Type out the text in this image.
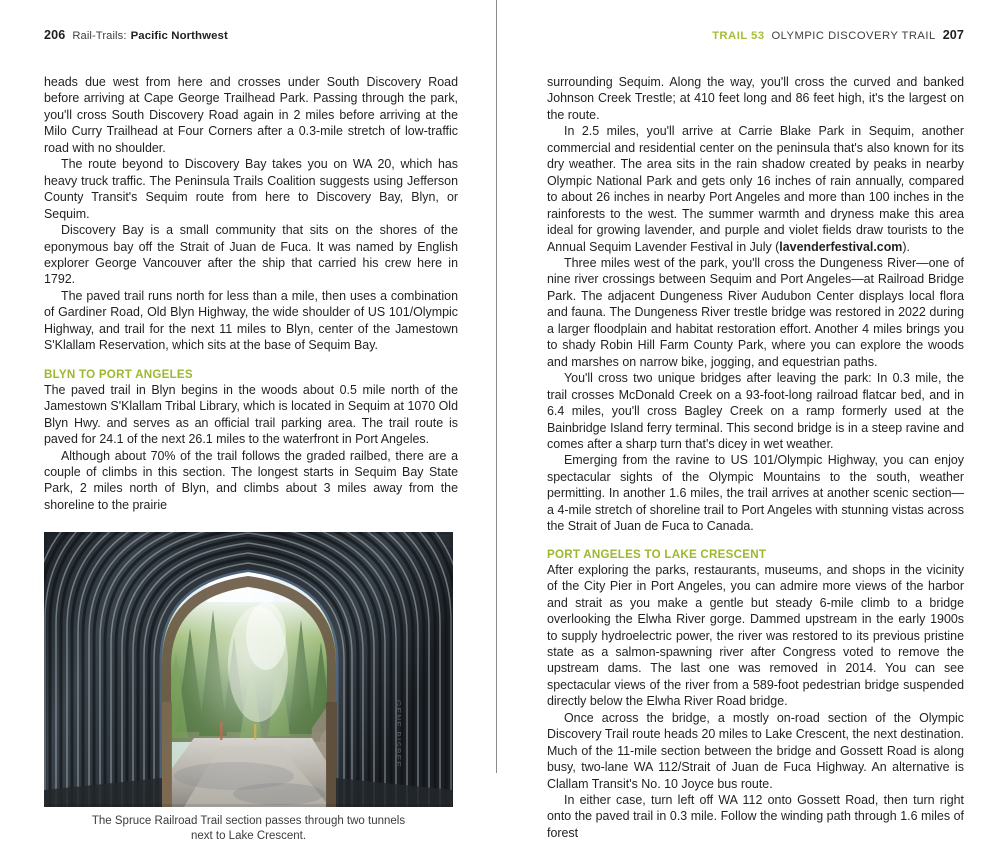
206 Rail-Trails: Pacific Northwest

heads due west from here and crosses under South Discovery Road before arriving at Cape George Trailhead Park. Passing through the park, you'll cross South Discovery Road again in 2 miles before arriving at the Milo Curry Trailhead at Four Corners after a 0.3-mile stretch of low-traffic road with no shoulder.

The route beyond to Discovery Bay takes you on WA 20, which has heavy truck traffic. The Peninsula Trails Coalition suggests using Jefferson County Transit's Sequim route from here to Discovery Bay, Blyn, or Sequim.

Discovery Bay is a small community that sits on the shores of the eponymous bay off the Strait of Juan de Fuca. It was named by English explorer George Vancouver after the ship that carried his crew here in 1792.

The paved trail runs north for less than a mile, then uses a combination of Gardiner Road, Old Blyn Highway, the wide shoulder of US 101/Olympic Highway, and trail for the next 11 miles to Blyn, center of the Jamestown S'Klallam Reservation, which sits at the base of Sequim Bay.

BLYN TO PORT ANGELES

The paved trail in Blyn begins in the woods about 0.5 mile north of the Jamestown S'Klallam Tribal Library, which is located in Sequim at 1070 Old Blyn Hwy. and serves as an official trail parking area. The trail route is paved for 24.1 of the next 26.1 miles to the waterfront in Port Angeles.

Although about 70% of the trail follows the graded railbed, there are a couple of climbs in this section. The longest starts in Sequim Bay State Park, 2 miles north of Blyn, and climbs about 3 miles away from the shoreline to the prairie

GENE BISBEE
The Spruce Railroad Trail section passes through two tunnels
next to Lake Crescent.
TRAIL 53 OLYMPIC DISCOVERY TRAIL 207

surrounding Sequim. Along the way, you'll cross the curved and banked Johnson Creek Trestle; at 410 feet long and 86 feet high, it's the largest on the route.

In 2.5 miles, you'll arrive at Carrie Blake Park in Sequim, another commercial and residential center on the peninsula that's also known for its dry weather. The area sits in the rain shadow created by peaks in nearby Olympic National Park and gets only 16 inches of rain annually, compared to about 26 inches in nearby Port Angeles and more than 100 inches in the rainforests to the west. The summer warmth and dryness make this area ideal for growing lavender, and purple and violet fields draw tourists to the Annual Sequim Lavender Festival in July (lavenderfestival.com).

Three miles west of the park, you'll cross the Dungeness River—one of nine river crossings between Sequim and Port Angeles—at Railroad Bridge Park. The adjacent Dungeness River Audubon Center displays local flora and fauna. The Dungeness River trestle bridge was restored in 2022 during a larger floodplain and habitat restoration effort. Another 4 miles brings you to shady Robin Hill Farm County Park, where you can explore the woods and marshes on narrow bike, jogging, and equestrian paths.

You'll cross two unique bridges after leaving the park: In 0.3 mile, the trail crosses McDonald Creek on a 93-foot-long railroad flatcar bed, and in 6.4 miles, you'll cross Bagley Creek on a ramp formerly used at the Bainbridge Island ferry terminal. This second bridge is in a steep ravine and comes after a sharp turn that's dicey in wet weather.

Emerging from the ravine to US 101/Olympic Highway, you can enjoy spectacular sights of the Olympic Mountains to the south, weather permitting. In another 1.6 miles, the trail arrives at another scenic section—a 4-mile stretch of shoreline trail to Port Angeles with stunning vistas across the Strait of Juan de Fuca to Canada.

PORT ANGELES TO LAKE CRESCENT

After exploring the parks, restaurants, museums, and shops in the vicinity of the City Pier in Port Angeles, you can admire more views of the harbor and strait as you make a gentle but steady 6-mile climb to a bridge overlooking the Elwha River gorge. Dammed upstream in the early 1900s to supply hydroelectric power, the river was restored to its previous pristine state as a salmon-spawning river after Congress voted to remove the upstream dams. The last one was removed in 2014. You can see spectacular views of the river from a 589-foot pedestrian bridge suspended directly below the Elwha River Road bridge.

Once across the bridge, a mostly on-road section of the Olympic Discovery Trail route heads 20 miles to Lake Crescent, the next destination. Much of the 11-mile section between the bridge and Gossett Road is along busy, two-lane WA 112/Strait of Juan de Fuca Highway. An alternative is Clallam Transit's No. 10 Joyce bus route.

In either case, turn left off WA 112 onto Gossett Road, then turn right onto the paved trail in 0.3 mile. Follow the winding path through 1.6 miles of forest
